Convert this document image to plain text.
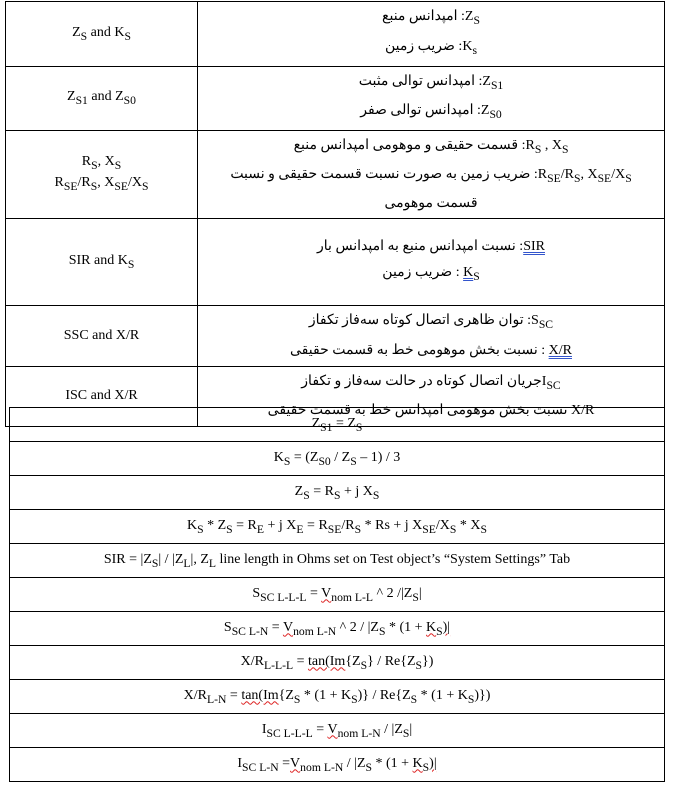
$Z_S$ and $K_S$	$Z_S$: امپدانس منبع
$K_s$: ضریب زمین

$Z_{S1}$ and $Z_{S0}$	$Z_{S1}$: امپدانس توالی مثبت
$Z_{S0}$: امپدانس توالی صفر

$R_S$, $X_S$
$R_{SE}/R_S$, $X_{SE}/X_S$	$R_S$ , $X_S$: قسمت حقیقی و موهومی امپدانس منبع
$R_{SE}/R_S$, $X_{SE}/X_S$: ضریب زمین به صورت نسبت قسمت حقیقی و نسبت
قسمت موهومی

SIR and $K_S$	SIR: نسبت امپدانس منبع به امپدانس بار
$K_S$ : ضریب زمین

SSC and X/R	$S_{SC}$: توان ظاهری اتصال کوتاه سه‌فاز تکفاز
X/R : نسبت بخش موهومی خط به قسمت حقیقی

ISC and X/R	$I_{SC}جریان$ اتصال کوتاه در حالت سه‌فاز و تکفاز
X/R نسبت بخش موهومی امپدانس خط به قسمت حقیقی
$Z_{S1} = Z_S$
$K_S = (Z_{S0} / Z_S - 1) / 3$
$Z_S = R_S + j$ $X_S$
$K_S * Z_S = R_E + j$ $X_E = R_{SE}/R_S * Rs + j$ $X_{SE}/X_S * X_S$
SIR = $|Z_S| / |Z_L|$, $Z_L$ line length in Ohms set on Test object’s “System Settings” Tab
$S_{SC L-L-L} = V_{nom}$ $_{L-L}$ ^ 2 $/|Z_S|$
$S_{SC L-N} = V_{nom}$ $_{L-N}$ ^ $2 / |Z_S * (1 + K_S)|$
$X/R_{L-L-L} = \tan(Im\{Z_S\} / Re\{Z_S\})$
$X/R_{L-N} = \tan(Im\{Z_S * (1 + K_S)\} / Re\{Z_S * (1 + K_S)\})$
$I_{SC L-L-L} = V_{nom}$ $_{L-N} / |Z_S|$
$I_{SC L-N} =V_{nom}$ $_{L-N} / |Z_S * (1 + K_S)|$
